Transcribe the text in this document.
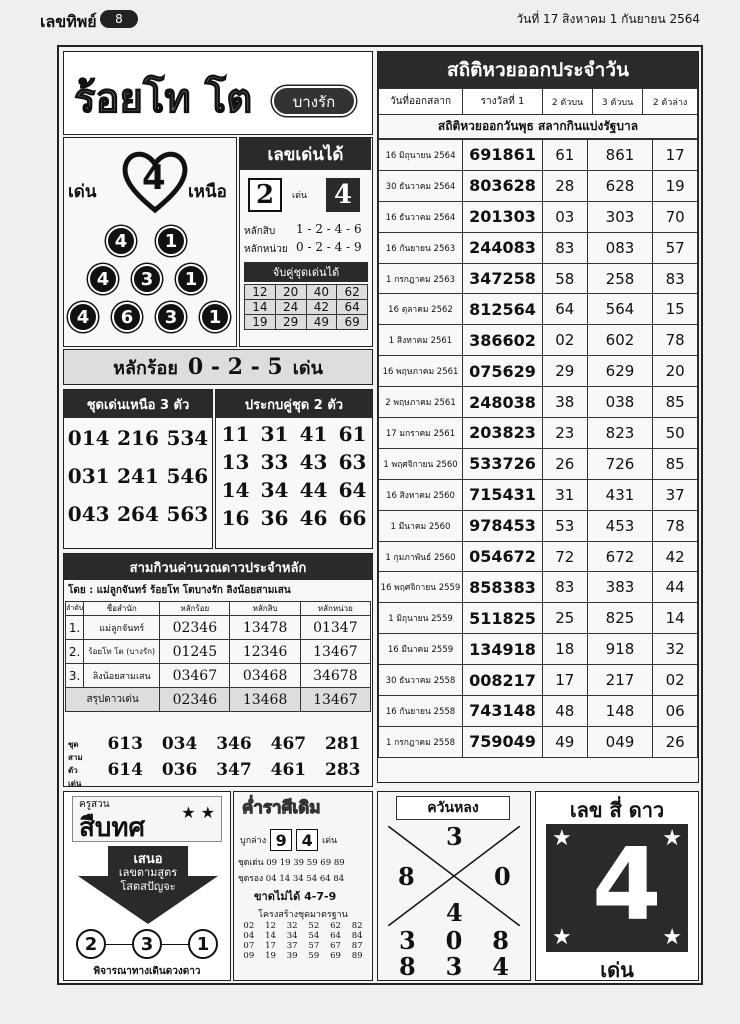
เลขทิพย์	8	วันที่ 17 สิงหาคม 1 กันยายน 2564
ร้อยโท โต	บางรัก
เด่น 4 เหนือ
4	1
4	3	1
4	6	3	1
เลขเด่นได้
2	เด่น	4
หลักสิบ 1 - 2 - 4 - 6
หลักหน่วย 0 - 2 - 4 - 9
จับคู่ชุดเด่นได้
12	20	40	62
14	24	42	64
19	29	49	69
หลักร้อย 0 - 2 - 5 เด่น
ชุดเด่นเหนือ 3 ตัว
014 216 534
031 241 546
043 264 563
ประกบคู่ชุด 2 ตัว
11 31 41 61
13 33 43 63
14 34 44 64
16 36 46 66
สามกิวนค่านวณดาวประจำหลัก
โดย : แม่ลูกจันทร์ ร้อยโท โตบางรัก ลิงน้อยสามเสน
ลำดับ	ชื่อสำนัก	หลักร้อย	หลักสิบ	หลักหน่วย
1.	แม่ลูกจันทร์	02346	13478	01347
2.	ร้อยโท โต (บางรัก)	01245	12346	13467
3.	ลิงน้อยสามเสน	03467	03468	34678
สรุปดาวเด่น		02346	13468	13467
ชุด สามตัว เด่น
613 034 346 467 281
614 036 347 461 283
สถิติหวยออกประจำวัน
วันที่ออกสลาก	รางวัลที่ 1	2 ตัวบน	3 ตัวบน	2 ตัวล่าง
สถิติหวยออกวันพุธ สลากกินแบ่งรัฐบาล
16 มิถุนายน 2564	691861	61	861	17
30 ธันวาคม 2564	803628	28	628	19
16 ธันวาคม 2564	201303	03	303	70
16 กันยายน 2563	244083	83	083	57
1 กรกฎาคม 2563	347258	58	258	83
16 ตุลาคม 2562	812564	64	564	15
1 สิงหาคม 2561	386602	02	602	78
16 พฤษภาคม 2561	075629	29	629	20
2 พฤษภาคม 2561	248038	38	038	85
17 มกราคม 2561	203823	23	823	50
1 พฤศจิกายน 2560	533726	26	726	85
16 สิงหาคม 2560	715431	31	431	37
1 มีนาคม 2560	978453	53	453	78
1 กุมภาพันธ์ 2560	054672	72	672	42
16 พฤศจิกายน 2559	858383	83	383	44
1 มิถุนายน 2559	511825	25	825	14
16 มีนาคม 2559	134918	18	918	32
30 ธันวาคม 2558	008217	17	217	02
16 กันยายน 2558	743148	48	148	06
1 กรกฎาคม 2558	759049	49	049	26
ครูสวน
สืบทศ
★ ★
เสนอ
เลขตามสูตร โสตสปัญจะ
2	3	1
พิจารณาทางเดินดวงดาว
ค่ำราศีเดิม
บูกล่าง 9 4	เด่น
ชุดเด่น 09 19 39 59 69 89
ชุดรอง 04 14 34 54 64 84
ขาดไม่ได้ 4-7-9
โครงสร้างชุดมาตรฐาน
02	12	32	52	62	82
04	14	34	54	64	84
07	17	37	57	67	87
09	19	39	59	69	89
ควันหลง
3
8	0
4
3 0 8
8 3 4
เลข สี่ ดาว
★	★
★	★
4
เด่น
